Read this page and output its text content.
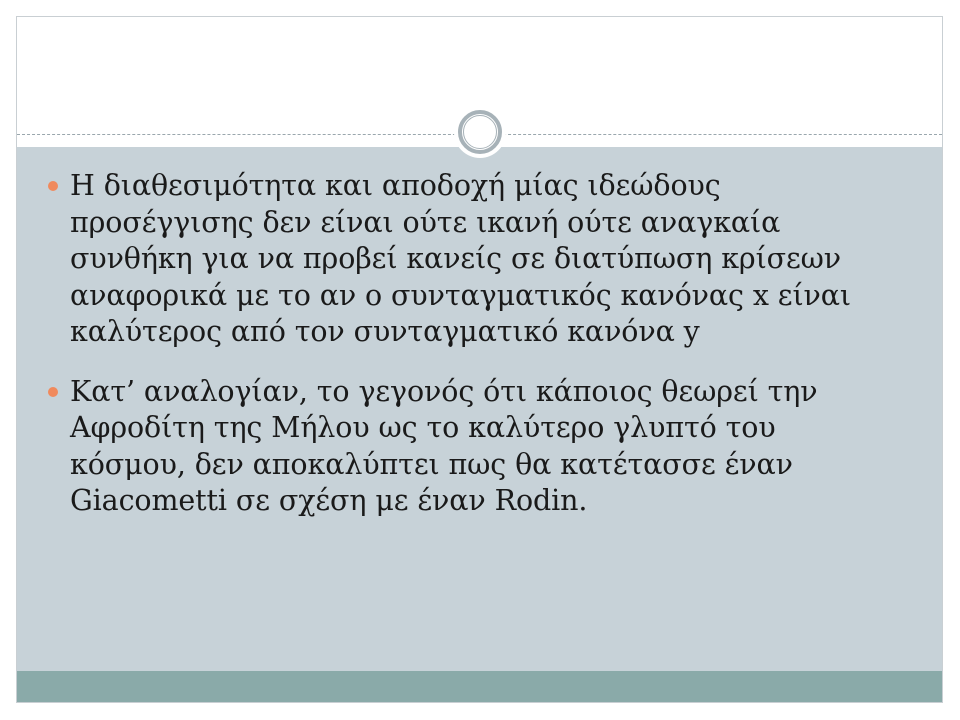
Η διαθεσιμότητα και αποδοχή μίας ιδεώδους προσέγγισης δεν είναι ούτε ικανή ούτε αναγκαία συνθήκη για να προβεί κανείς σε διατύπωση κρίσεων αναφορικά με το αν ο συνταγματικός κανόνας x είναι καλύτερος από τον συνταγματικό κανόνα y
Κατ’ αναλογίαν, το γεγονός ότι κάποιος θεωρεί την Αφροδίτη της Μήλου ως το καλύτερο γλυπτό του κόσμου, δεν αποκαλύπτει πως θα κατέτασσε έναν Giacometti σε σχέση με έναν Rodin.
